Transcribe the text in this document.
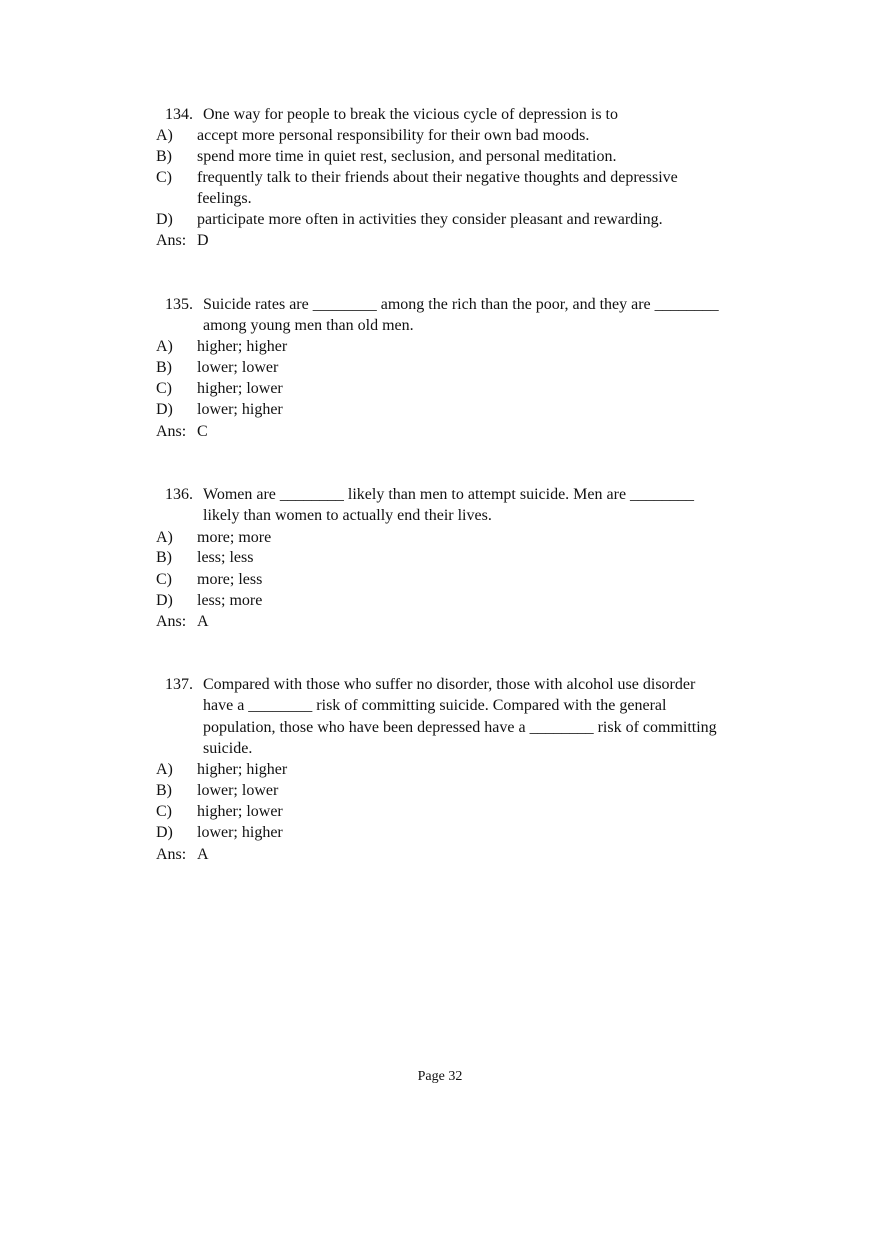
134. One way for people to break the vicious cycle of depression is to
A) accept more personal responsibility for their own bad moods.
B) spend more time in quiet rest, seclusion, and personal meditation.
C) frequently talk to their friends about their negative thoughts and depressive
feelings.
D) participate more often in activities they consider pleasant and rewarding.
Ans: D
135. Suicide rates are ________ among the rich than the poor, and they are ________
among young men than old men.
A) higher; higher
B) lower; lower
C) higher; lower
D) lower; higher
Ans: C
136. Women are ________ likely than men to attempt suicide. Men are ________
likely than women to actually end their lives.
A) more; more
B) less; less
C) more; less
D) less; more
Ans: A
137. Compared with those who suffer no disorder, those with alcohol use disorder
have a ________ risk of committing suicide. Compared with the general
population, those who have been depressed have a ________ risk of committing
suicide.
A) higher; higher
B) lower; lower
C) higher; lower
D) lower; higher
Ans: A
Page 32
